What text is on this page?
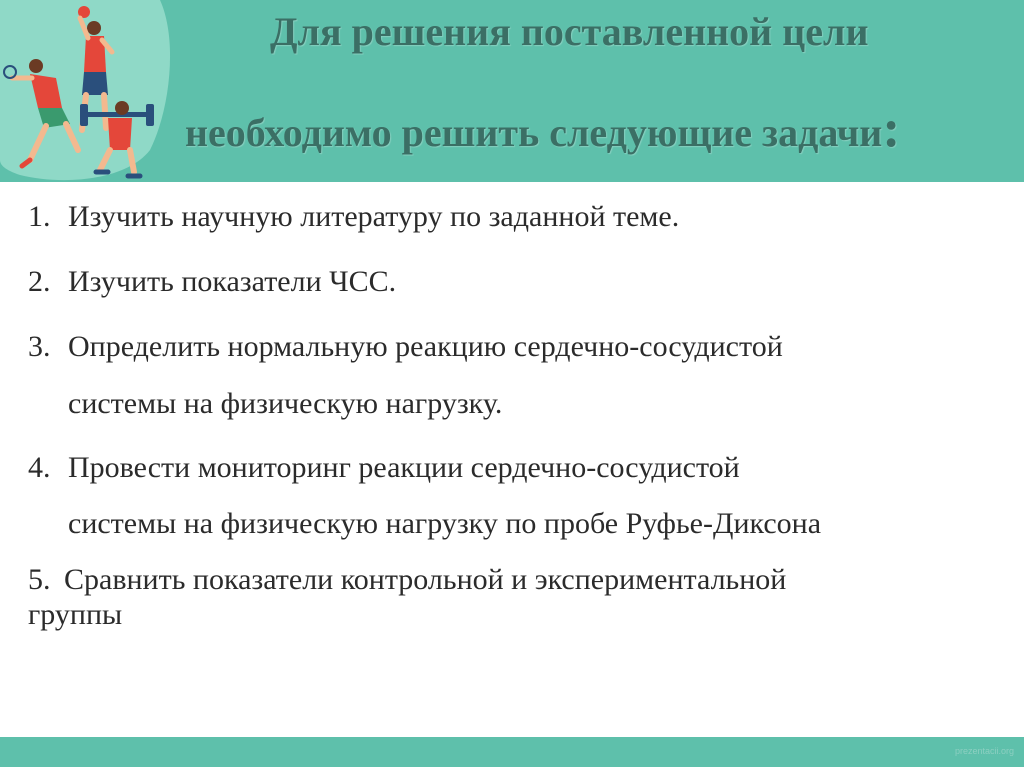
Для решения поставленной цели
необходимо решить следующие задачи:
1. Изучить научную литературу по заданной теме.

2. Изучить показатели ЧСС.

3. Определить нормальную реакцию сердечно-сосудистой

системы на физическую нагрузку.

4. Провести мониторинг реакции сердечно-сосудистой

системы на физическую нагрузку по пробе Руфье-Диксона

5. Сравнить показатели контрольной и экспериментальной

группы

prezentacii.org
